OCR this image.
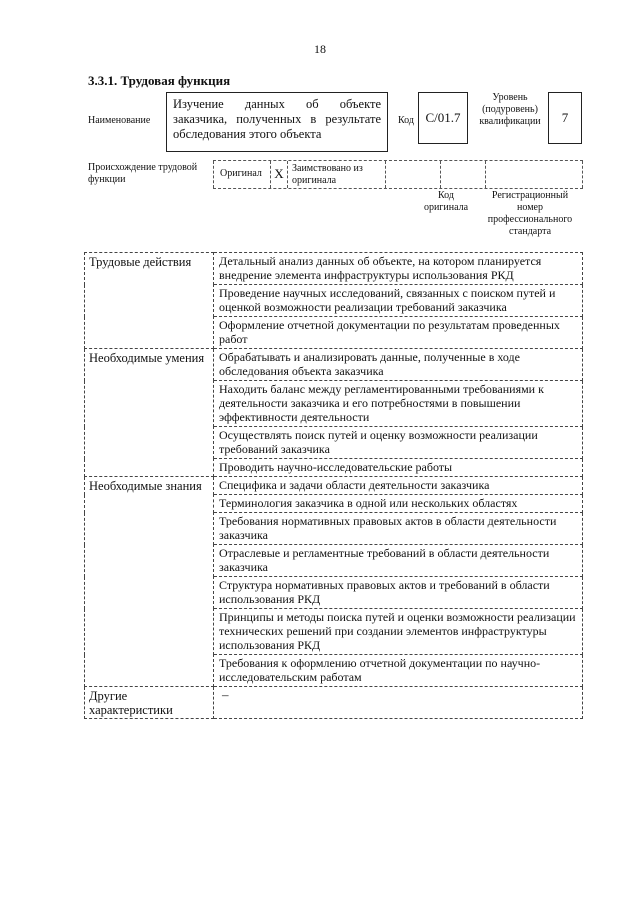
18
3.3.1. Трудовая функция
Наименование
Изучение данных об объекте заказчика, полученных в результате обследования этого объекта
Код С/01.7
Уровень (подуровень) квалификации	7
Происхождение трудовой функции
Оригинал X Заимствовано из оригинала
Код оригинала
Регистрационный номер профессионального стандарта
Трудовые действия	Детальный анализ данных об объекте, на котором планируется внедрение элемента инфраструктуры использования РКД
	Проведение научных исследований, связанных с поиском путей и оценкой возможности реализации требований заказчика
	Оформление отчетной документации по результатам проведенных работ
Необходимые умения	Обрабатывать и анализировать данные, полученные в ходе обследования объекта заказчика
	Находить баланс между регламентированными требованиями к деятельности заказчика и его потребностями в повышении эффективности деятельности
	Осуществлять поиск путей и оценку возможности реализации требований заказчика
	Проводить научно-исследовательские работы
Необходимые знания	Специфика и задачи области деятельности заказчика
	Терминология заказчика в одной или нескольких областях
	Требования нормативных правовых актов в области деятельности заказчика
	Отраслевые и регламентные требований в области деятельности заказчика
	Структура нормативных правовых актов и требований в области использования РКД
	Принципы и методы поиска путей и оценки возможности реализации технических решений при создании элементов инфраструктуры использования РКД
	Требования к оформлению отчетной документации по научно-исследовательским работам
Другие характеристики	–
